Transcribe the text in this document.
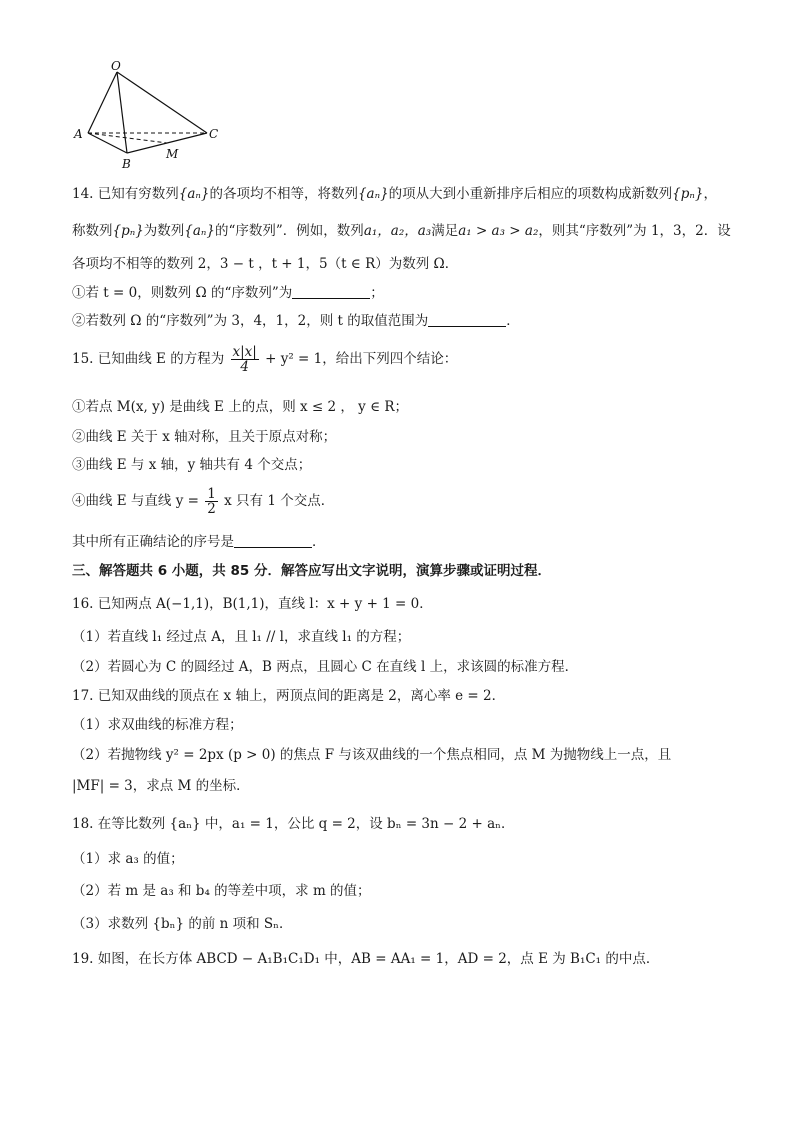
O
A
B
C
M
14. 已知有穷数列{aₙ}的各项均不相等，将数列{aₙ}的项从大到小重新排序后相应的项数构成新数列{pₙ}，
称数列{pₙ}为数列{aₙ}的“序数列”．例如，数列a₁，a₂，a₃满足a₁ > a₃ > a₂，则其“序数列”为 1，3，2．设
各项均不相等的数列 2，3 − t ，t + 1，5（t ∈ R）为数列 Ω．
①若 t = 0，则数列 Ω 的“序数列”为	；
②若数列 Ω 的“序数列”为 3，4，1，2，则 t 的取值范围为	．
15. 已知曲线 E 的方程为 $\frac{x|x|}{4} + y^2 = 1$，给出下列四个结论：
①若点 M(x, y) 是曲线 E 上的点，则 x ≤ 2 ， y ∈ R；
②曲线 E 关于 x 轴对称，且关于原点对称；
③曲线 E 与 x 轴，y 轴共有 4 个交点；
④曲线 E 与直线 $y = \frac{1}{2}$ x 只有 1 个交点．
其中所有正确结论的序号是	．
三、解答题共 6 小题，共 85 分．解答应写出文字说明，演算步骤或证明过程．
16. 已知两点 A(−1,1)，B(1,1)，直线 l：x + y + 1 = 0．
（1）若直线 l₁ 经过点 A，且 l₁ // l，求直线 l₁ 的方程；
（2）若圆心为 C 的圆经过 A，B 两点，且圆心 C 在直线 l 上，求该圆的标准方程．
17. 已知双曲线的顶点在 x 轴上，两顶点间的距离是 2，离心率 e = 2．
（1）求双曲线的标准方程；
（2）若抛物线 y² = 2px (p > 0) 的焦点 F 与该双曲线的一个焦点相同，点 M 为抛物线上一点，且
|MF| = 3，求点 M 的坐标．
18. 在等比数列 {aₙ} 中，a₁ = 1，公比 q = 2，设 bₙ = 3n − 2 + aₙ．
（1）求 a₃ 的值；
（2）若 m 是 a₃ 和 b₄ 的等差中项，求 m 的值；
（3）求数列 {bₙ} 的前 n 项和 Sₙ．
19. 如图，在长方体 ABCD − A₁B₁C₁D₁ 中，AB = AA₁ = 1，AD = 2，点 E 为 B₁C₁ 的中点．
